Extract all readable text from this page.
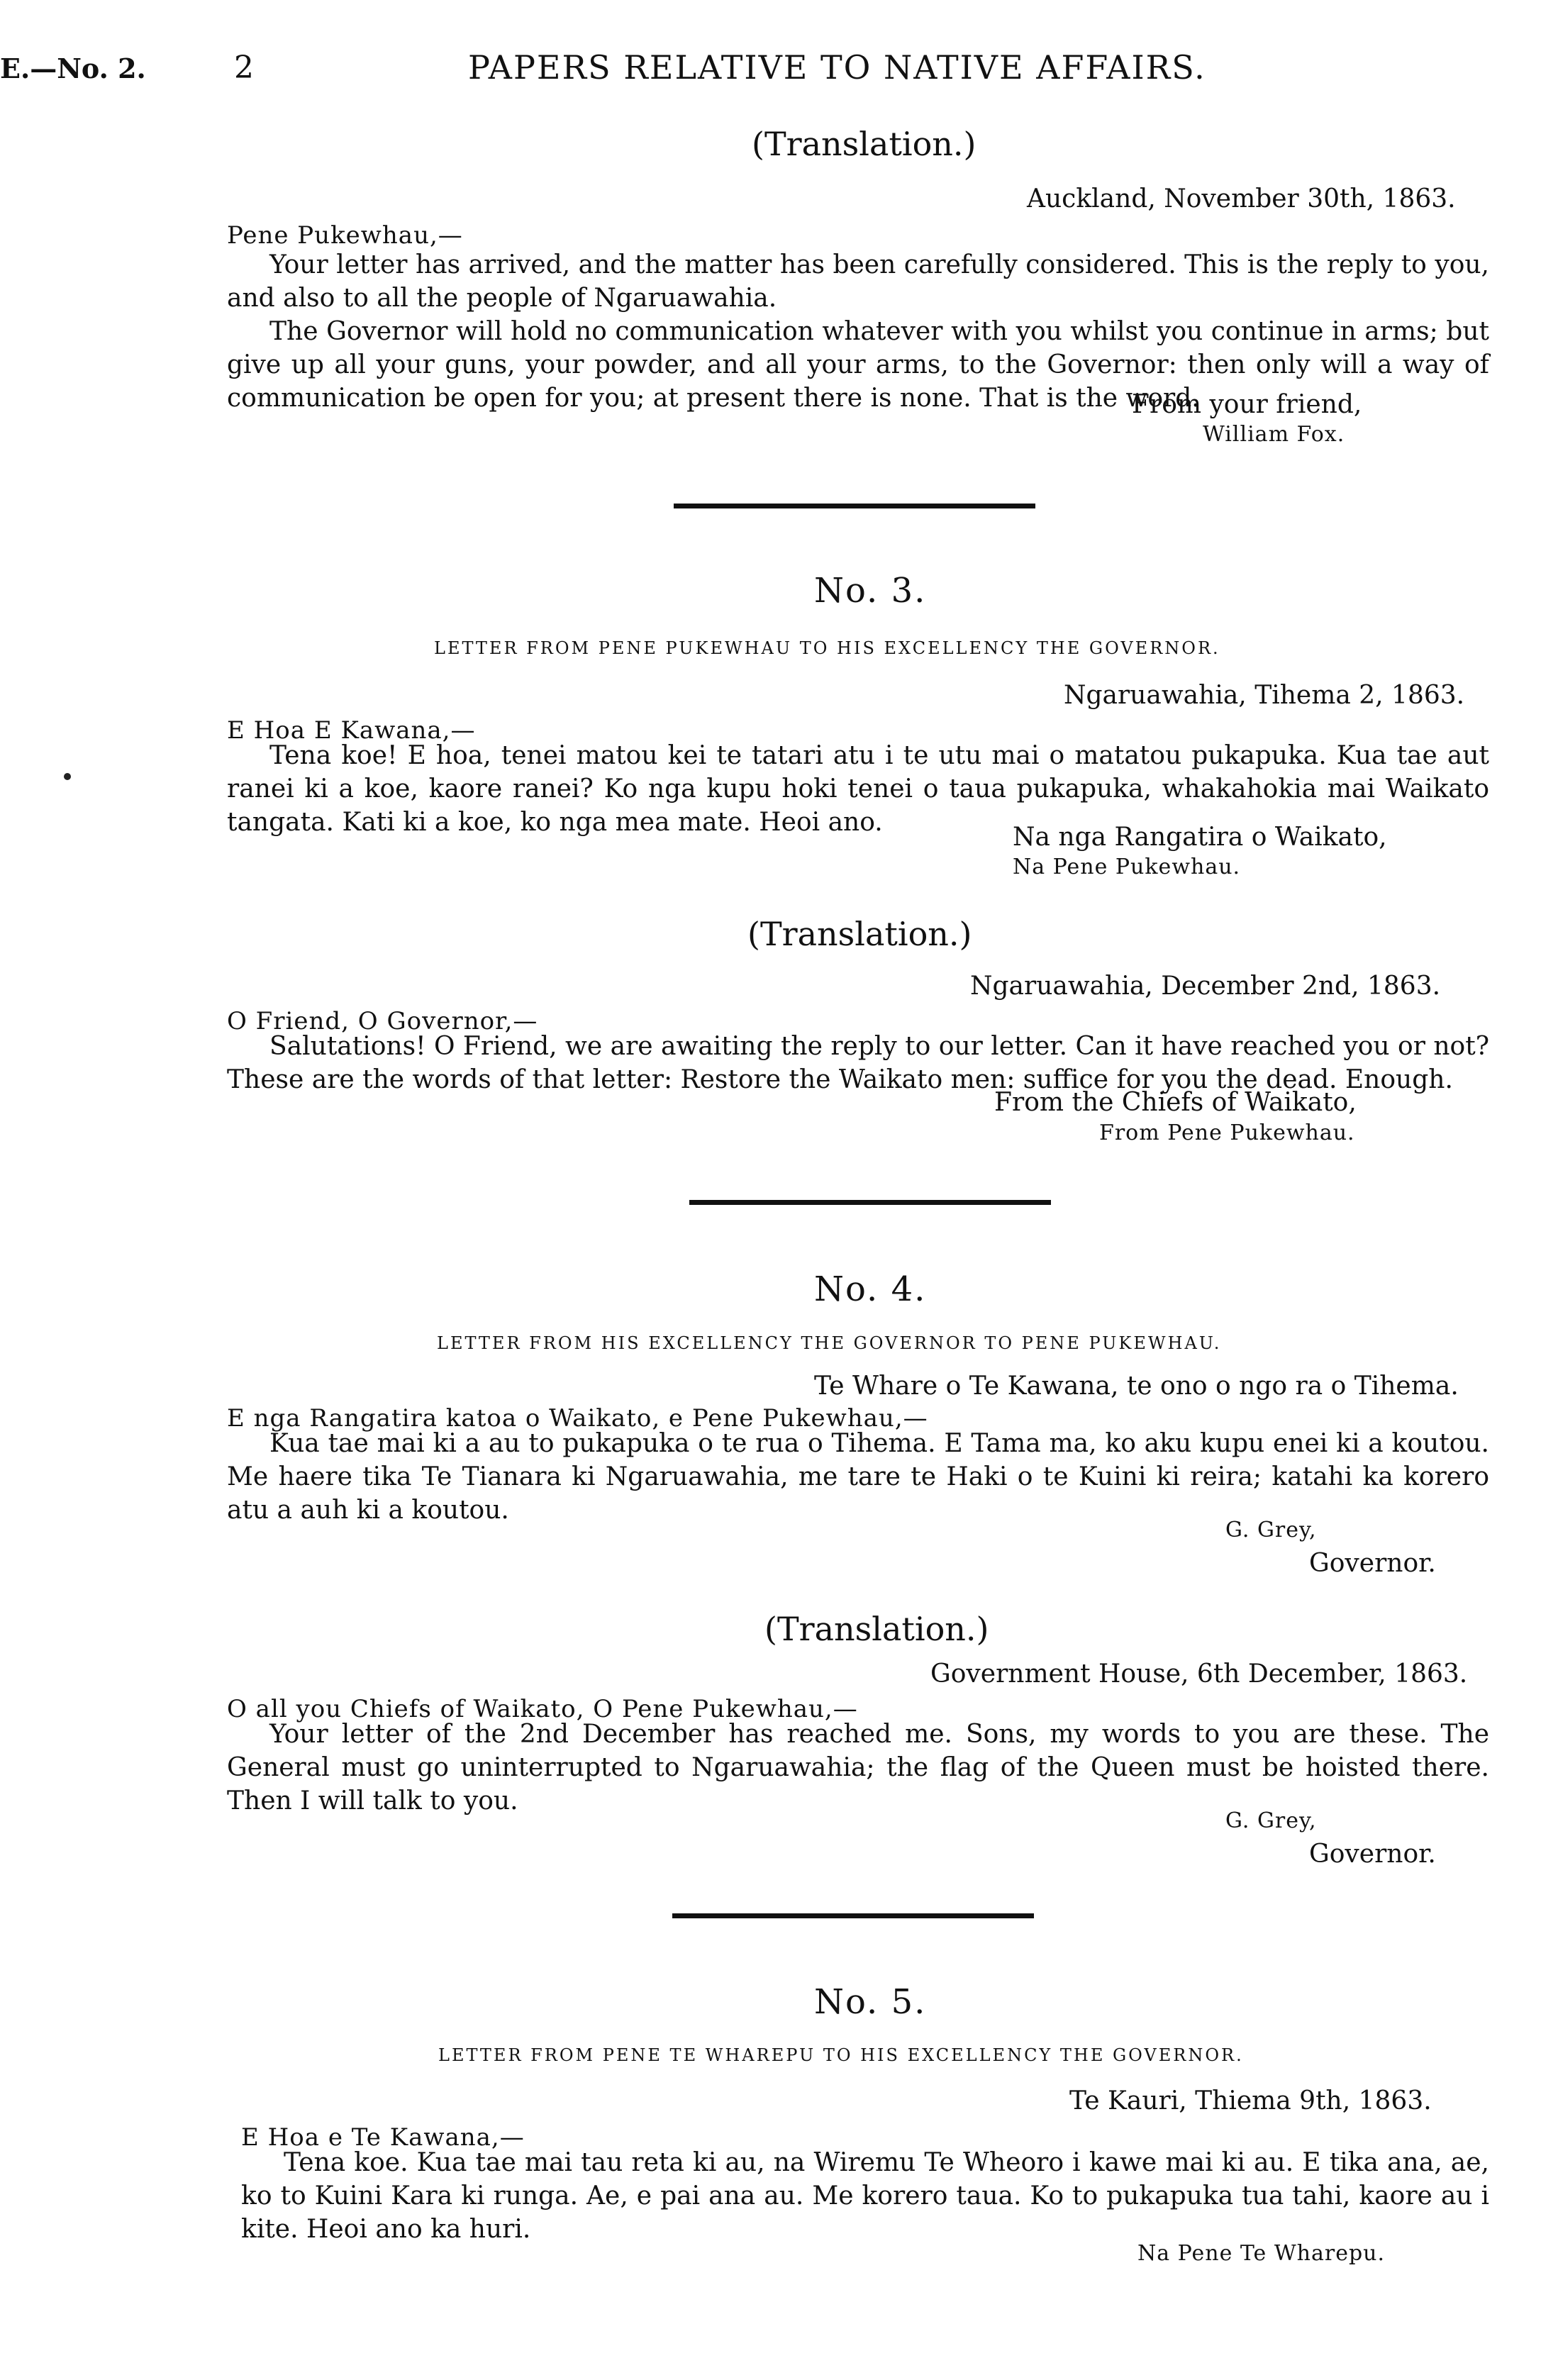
E.—No. 2.	2	PAPERS RELATIVE TO NATIVE AFFAIRS.
(Translation.)
Auckland, November 30th, 1863.
Pene Pukewhau,—

Your letter has arrived, and the matter has been carefully considered. This is the reply to you, and also to all the people of Ngaruawahia.

The Governor will hold no communication whatever with you whilst you continue in arms; but give up all your guns, your powder, and all your arms, to the Governor: then only will a way of communication be open for you; at present there is none. That is the word.

From your friend,
William Fox.
No. 3.
LETTER FROM PENE PUKEWHAU TO HIS EXCELLENCY THE GOVERNOR.
Ngaruawahia, Tihema 2, 1863.
E Hoa E Kawana,—

Tena koe! E hoa, tenei matou kei te tatari atu i te utu mai o matatou pukapuka. Kua tae aut ranei ki a koe, kaore ranei? Ko nga kupu hoki tenei o taua pukapuka, whakahokia mai Waikato tangata. Kati ki a koe, ko nga mea mate. Heoi ano.

Na nga Rangatira o Waikato,
Na Pene Pukewhau.
(Translation.)
Ngaruawahia, December 2nd, 1863.
O Friend, O Governor,—

Salutations! O Friend, we are awaiting the reply to our letter. Can it have reached you or not? These are the words of that letter: Restore the Waikato men: suffice for you the dead. Enough.

From the Chiefs of Waikato,
From Pene Pukewhau.
No. 4.
LETTER FROM HIS EXCELLENCY THE GOVERNOR TO PENE PUKEWHAU.
Te Whare o Te Kawana, te ono o ngo ra o Tihema.
E nga Rangatira katoa o Waikato, e Pene Pukewhau,—

Kua tae mai ki a au to pukapuka o te rua o Tihema. E Tama ma, ko aku kupu enei ki a koutou. Me haere tika Te Tianara ki Ngaruawahia, me tare te Haki o te Kuini ki reira; katahi ka korero atu a auh ki a koutou.

G. Grey,
Governor.
(Translation.)
Government House, 6th December, 1863.
O all you Chiefs of Waikato, O Pene Pukewhau,—

Your letter of the 2nd December has reached me. Sons, my words to you are these. The General must go uninterrupted to Ngaruawahia; the flag of the Queen must be hoisted there. Then I will talk to you.

G. Grey,
Governor.
No. 5.
LETTER FROM PENE TE WHAREPU TO HIS EXCELLENCY THE GOVERNOR.
Te Kauri, Thiema 9th, 1863.
E Hoa e Te Kawana,—

Tena koe. Kua tae mai tau reta ki au, na Wiremu Te Wheoro i kawe mai ki au. E tika ana, ae, ko to Kuini Kara ki runga. Ae, e pai ana au. Me korero taua. Ko to pukapuka tua tahi, kaore au i kite. Heoi ano ka huri.

Na Pene Te Wharepu.
